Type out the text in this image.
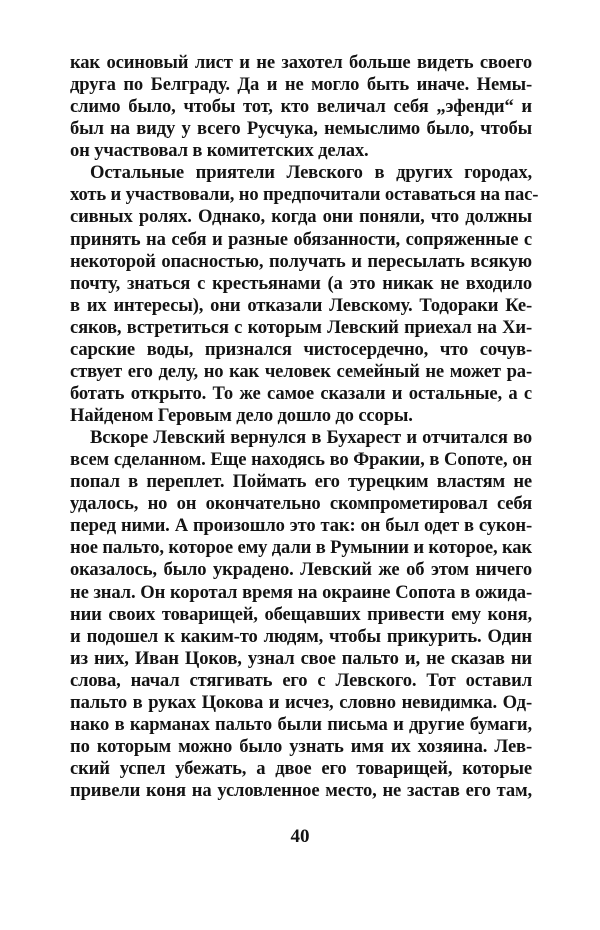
как осиновый лист и не захотел больше видеть своего
друга по Белграду. Да и не могло быть иначе. Немы-
слимо было, чтобы тот, кто величал себя „эфенди“ и
был на виду у всего Русчука, немыслимо было, чтобы
он участвовал в комитетских делах.
Остальные приятели Левского в других городах,
хоть и участвовали, но предпочитали оставаться на пас-
сивных ролях. Однако, когда они поняли, что должны
принять на себя и разные обязанности, сопряженные с
некоторой опасностью, получать и пересылать всякую
почту, знаться с крестьянами (а это никак не входило
в их интересы), они отказали Левскому. Тодораки Ке-
сяков, встретиться с которым Левский приехал на Хи-
сарские воды, признался чистосердечно, что сочув-
ствует его делу, но как человек семейный не может ра-
ботать открыто. То же самое сказали и остальные, а с
Найденом Геровым дело дошло до ссоры.
Вскоре Левский вернулся в Бухарест и отчитался во
всем сделанном. Еще находясь во Фракии, в Сопоте, он
попал в переплет. Поймать его турецким властям не
удалось, но он окончательно скомпрометировал себя
перед ними. А произошло это так: он был одет в сукон-
ное пальто, которое ему дали в Румынии и которое, как
оказалось, было украдено. Левский же об этом ничего
не знал. Он коротал время на окраине Сопота в ожида-
нии своих товарищей, обещавших привести ему коня,
и подошел к каким-то людям, чтобы прикурить. Один
из них, Иван Цоков, узнал свое пальто и, не сказав ни
слова, начал стягивать его с Левского. Тот оставил
пальто в руках Цокова и исчез, словно невидимка. Од-
нако в карманах пальто были письма и другие бумаги,
по которым можно было узнать имя их хозяина. Лев-
ский успел убежать, а двое его товарищей, которые
привели коня на условленное место, не застав его там,
40
